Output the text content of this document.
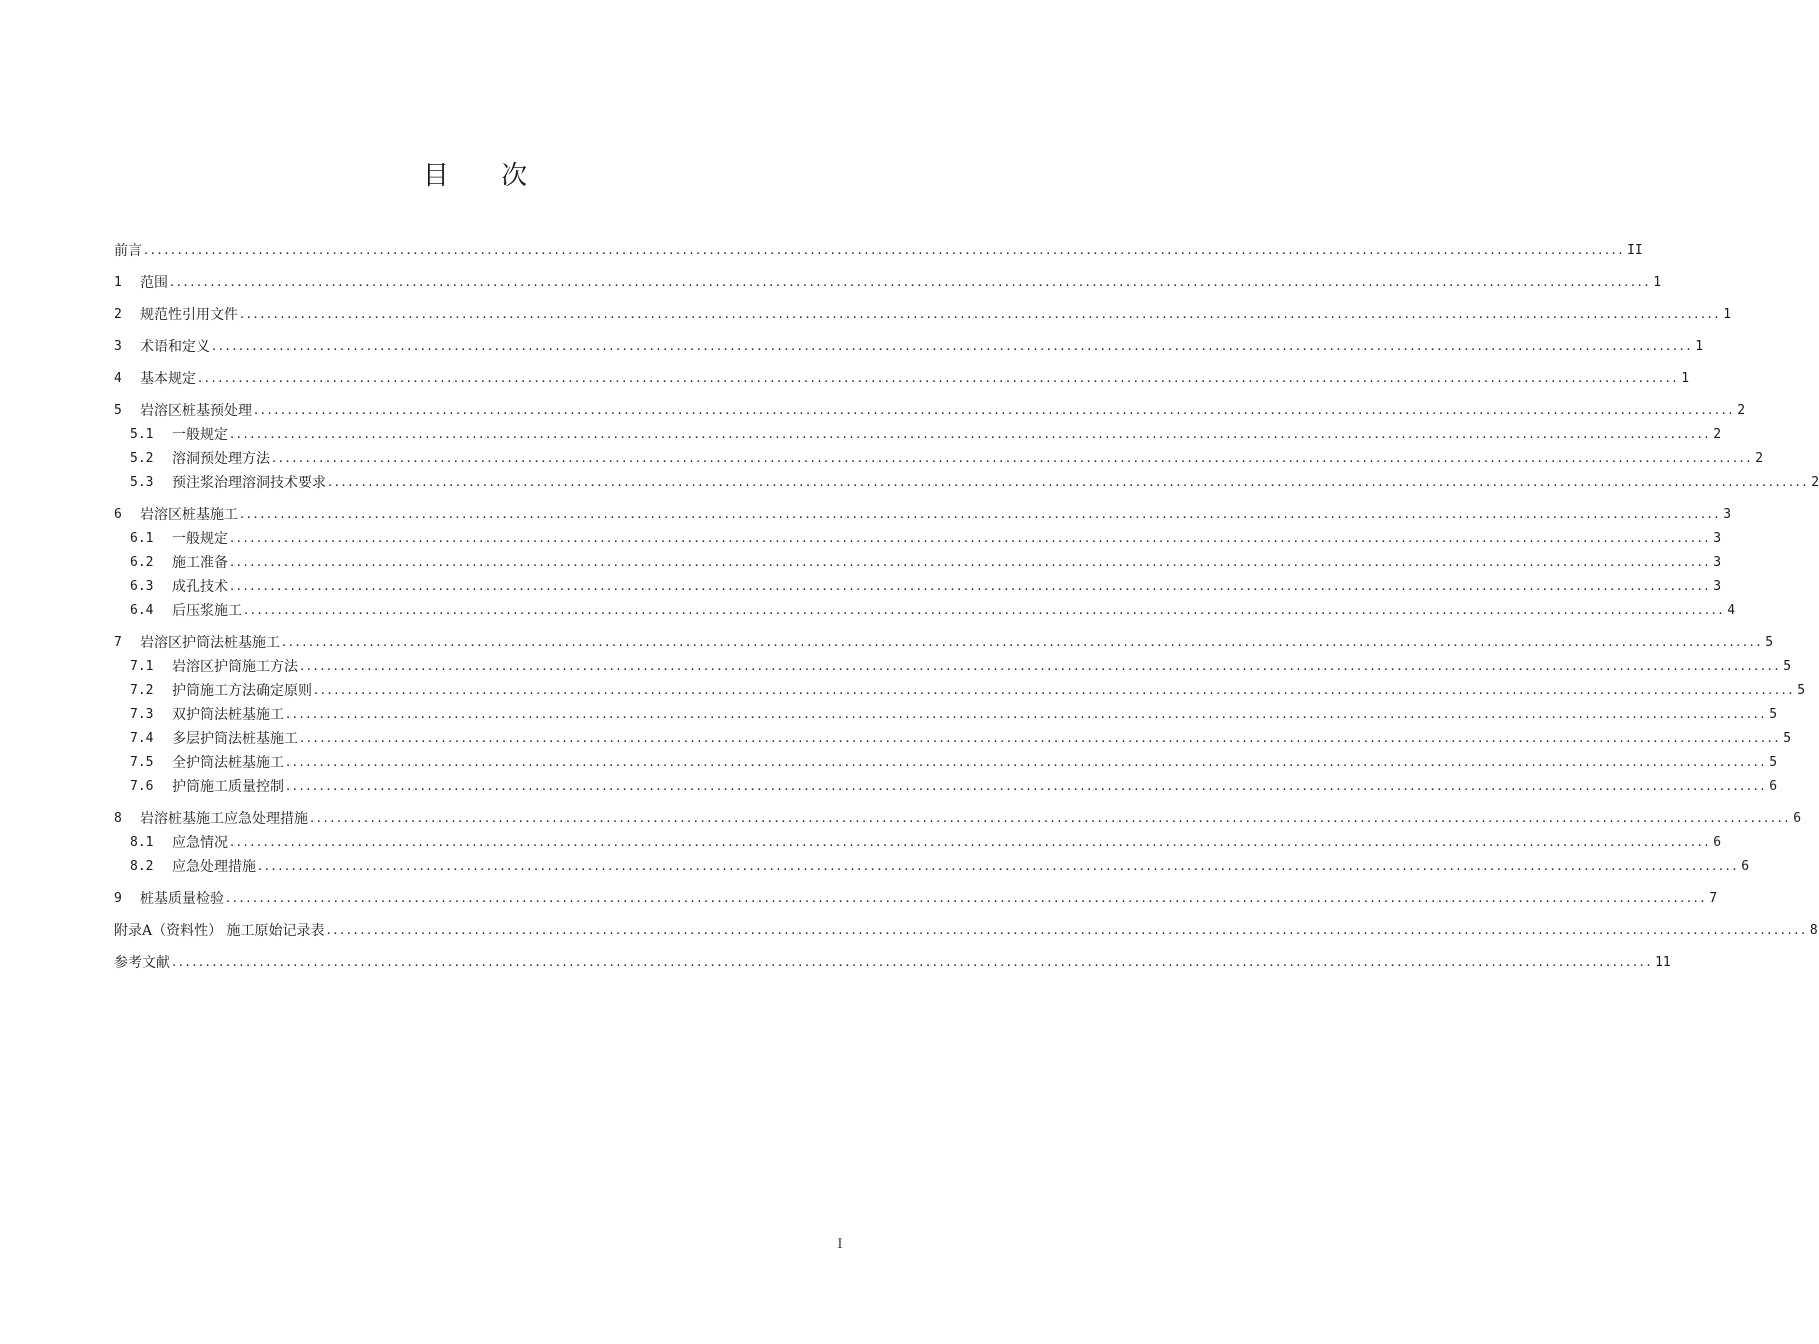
目 次
前言 ............................................................................................................................................................................................................................ II
1	范围 ............................................................................................................................................................................................................................ 1
2	规范性引用文件 ............................................................................................................................................................................................................................ 1
3	术语和定义 ............................................................................................................................................................................................................................ 1
4	基本规定 ............................................................................................................................................................................................................................ 1
5	岩溶区桩基预处理 ............................................................................................................................................................................................................................ 2
5.1	一般规定 ............................................................................................................................................................................................................................ 2
5.2	溶洞预处理方法 ............................................................................................................................................................................................................................ 2
5.3	预注浆治理溶洞技术要求 ............................................................................................................................................................................................................................ 2
6	岩溶区桩基施工 ............................................................................................................................................................................................................................ 3
6.1	一般规定 ............................................................................................................................................................................................................................ 3
6.2	施工准备 ............................................................................................................................................................................................................................ 3
6.3	成孔技术 ............................................................................................................................................................................................................................ 3
6.4	后压浆施工 ............................................................................................................................................................................................................................ 4
7	岩溶区护筒法桩基施工 ............................................................................................................................................................................................................................ 5
7.1	岩溶区护筒施工方法 ............................................................................................................................................................................................................................ 5
7.2	护筒施工方法确定原则 ............................................................................................................................................................................................................................ 5
7.3	双护筒法桩基施工 ............................................................................................................................................................................................................................ 5
7.4	多层护筒法桩基施工 ............................................................................................................................................................................................................................ 5
7.5	全护筒法桩基施工 ............................................................................................................................................................................................................................ 5
7.6	护筒施工质量控制 ............................................................................................................................................................................................................................ 6
8	岩溶桩基施工应急处理措施 ............................................................................................................................................................................................................................ 6
8.1	应急情况 ............................................................................................................................................................................................................................ 6
8.2	应急处理措施 ............................................................................................................................................................................................................................ 6
9	桩基质量检验 ............................................................................................................................................................................................................................ 7
附录A（资料性） 施工原始记录表 ............................................................................................................................................................................................................................ 8
参考文献 ............................................................................................................................................................................................................................ 11
I
